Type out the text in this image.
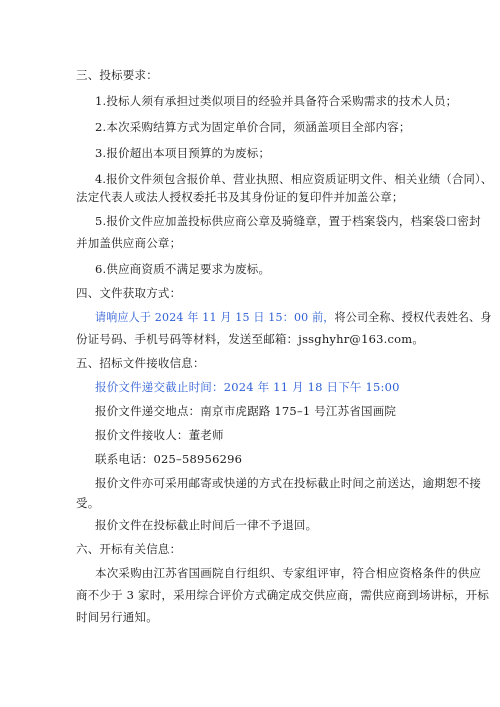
三、投标要求：
1.投标人须有承担过类似项目的经验并具备符合采购需求的技术人员；
2.本次采购结算方式为固定单价合同，须涵盖项目全部内容；
3.报价超出本项目预算的为废标；
4.报价文件须包含报价单、营业执照、相应资质证明文件、相关业绩（合同）、
法定代表人或法人授权委托书及其身份证的复印件并加盖公章；
5.报价文件应加盖投标供应商公章及骑缝章，置于档案袋内，档案袋口密封
并加盖供应商公章；
6.供应商资质不满足要求为废标。
四、文件获取方式：
请响应人于 2024 年 11 月 15 日 15：00 前，将公司全称、授权代表姓名、身
份证号码、手机号码等材料，发送至邮箱：jssghyhr@163.com。
五、招标文件接收信息：
报价文件递交截止时间：2024 年 11 月 18 日下午 15:00
报价文件递交地点：南京市虎踞路 175–1 号江苏省国画院
报价文件接收人：董老师
联系电话：025–58956296
报价文件亦可采用邮寄或快递的方式在投标截止时间之前送达，逾期恕不接
受。
报价文件在投标截止时间后一律不予退回。
六、开标有关信息：
本次采购由江苏省国画院自行组织、专家组评审，符合相应资格条件的供应
商不少于 3 家时，采用综合评价方式确定成交供应商，需供应商到场讲标，开标
时间另行通知。
